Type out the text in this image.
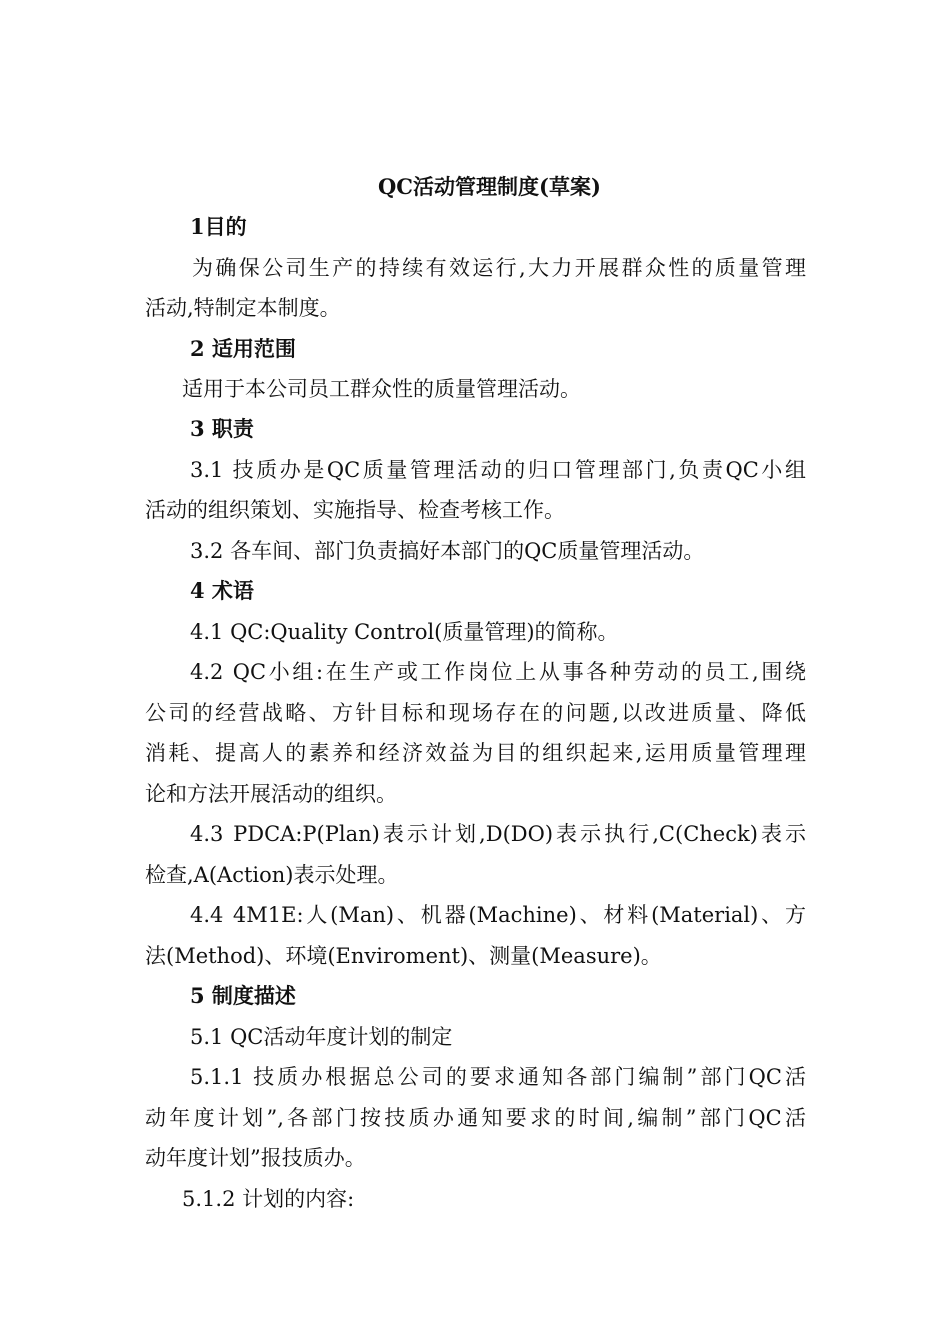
QC活动管理制度(草案)
1目的
为确保公司生产的持续有效运行,大力开展群众性的质量管理
活动,特制定本制度。
2 适用范围
适用于本公司员工群众性的质量管理活动。
3 职责
3.1 技质办是QC质量管理活动的归口管理部门,负责QC小组
活动的组织策划、实施指导、检查考核工作。
3.2 各车间、部门负责搞好本部门的QC质量管理活动。
4 术语
4.1 QC:Quality Control(质量管理)的简称。
4.2 QC小组:在生产或工作岗位上从事各种劳动的员工,围绕
公司的经营战略、方针目标和现场存在的问题,以改进质量、降低
消耗、提高人的素养和经济效益为目的组织起来,运用质量管理理
论和方法开展活动的组织。
4.3 PDCA:P(Plan)表示计划,D(DO)表示执行,C(Check)表示
检查,A(Action)表示处理。
4.4 4M1E:人(Man)、机器(Machine)、材料(Material)、方
法(Method)、环境(Enviroment)、测量(Measure)。
5 制度描述
5.1 QC活动年度计划的制定
5.1.1 技质办根据总公司的要求通知各部门编制”部门QC活
动年度计划”,各部门按技质办通知要求的时间,编制”部门QC活
动年度计划”报技质办。
5.1.2 计划的内容:
